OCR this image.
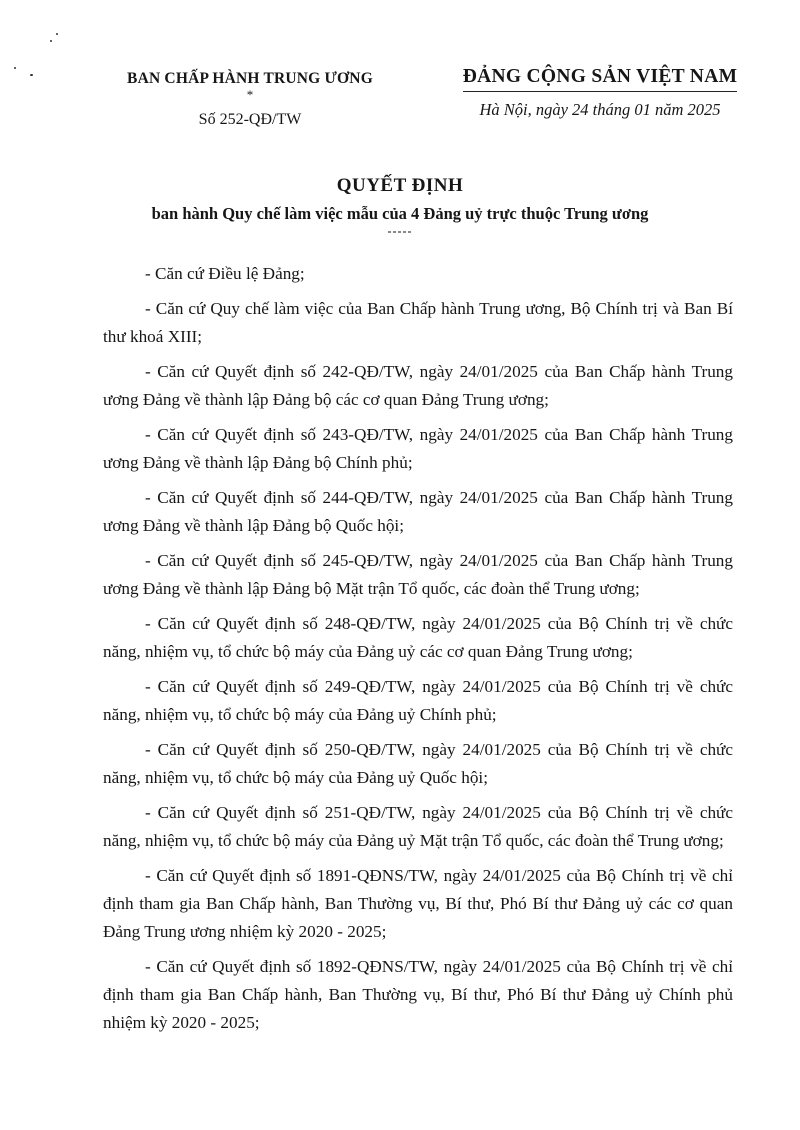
BAN CHẤP HÀNH TRUNG ƯƠNG
*
Số 252-QĐ/TW
ĐẢNG CỘNG SẢN VIỆT NAM
Hà Nội, ngày 24 tháng 01 năm 2025
QUYẾT ĐỊNH
ban hành Quy chế làm việc mẫu của 4 Đảng uỷ trực thuộc Trung ương
-----

- Căn cứ Điều lệ Đảng;

- Căn cứ Quy chế làm việc của Ban Chấp hành Trung ương, Bộ Chính trị và Ban Bí thư khoá XIII;

- Căn cứ Quyết định số 242-QĐ/TW, ngày 24/01/2025 của Ban Chấp hành Trung ương Đảng về thành lập Đảng bộ các cơ quan Đảng Trung ương;

- Căn cứ Quyết định số 243-QĐ/TW, ngày 24/01/2025 của Ban Chấp hành Trung ương Đảng về thành lập Đảng bộ Chính phủ;

- Căn cứ Quyết định số 244-QĐ/TW, ngày 24/01/2025 của Ban Chấp hành Trung ương Đảng về thành lập Đảng bộ Quốc hội;

- Căn cứ Quyết định số 245-QĐ/TW, ngày 24/01/2025 của Ban Chấp hành Trung ương Đảng về thành lập Đảng bộ Mặt trận Tổ quốc, các đoàn thể Trung ương;

- Căn cứ Quyết định số 248-QĐ/TW, ngày 24/01/2025 của Bộ Chính trị về chức năng, nhiệm vụ, tổ chức bộ máy của Đảng uỷ các cơ quan Đảng Trung ương;

- Căn cứ Quyết định số 249-QĐ/TW, ngày 24/01/2025 của Bộ Chính trị về chức năng, nhiệm vụ, tổ chức bộ máy của Đảng uỷ Chính phủ;

- Căn cứ Quyết định số 250-QĐ/TW, ngày 24/01/2025 của Bộ Chính trị về chức năng, nhiệm vụ, tổ chức bộ máy của Đảng uỷ Quốc hội;

- Căn cứ Quyết định số 251-QĐ/TW, ngày 24/01/2025 của Bộ Chính trị về chức năng, nhiệm vụ, tổ chức bộ máy của Đảng uỷ Mặt trận Tổ quốc, các đoàn thể Trung ương;

- Căn cứ Quyết định số 1891-QĐNS/TW, ngày 24/01/2025 của Bộ Chính trị về chỉ định tham gia Ban Chấp hành, Ban Thường vụ, Bí thư, Phó Bí thư Đảng uỷ các cơ quan Đảng Trung ương nhiệm kỳ 2020 - 2025;

- Căn cứ Quyết định số 1892-QĐNS/TW, ngày 24/01/2025 của Bộ Chính trị về chỉ định tham gia Ban Chấp hành, Ban Thường vụ, Bí thư, Phó Bí thư Đảng uỷ Chính phủ nhiệm kỳ 2020 - 2025;
